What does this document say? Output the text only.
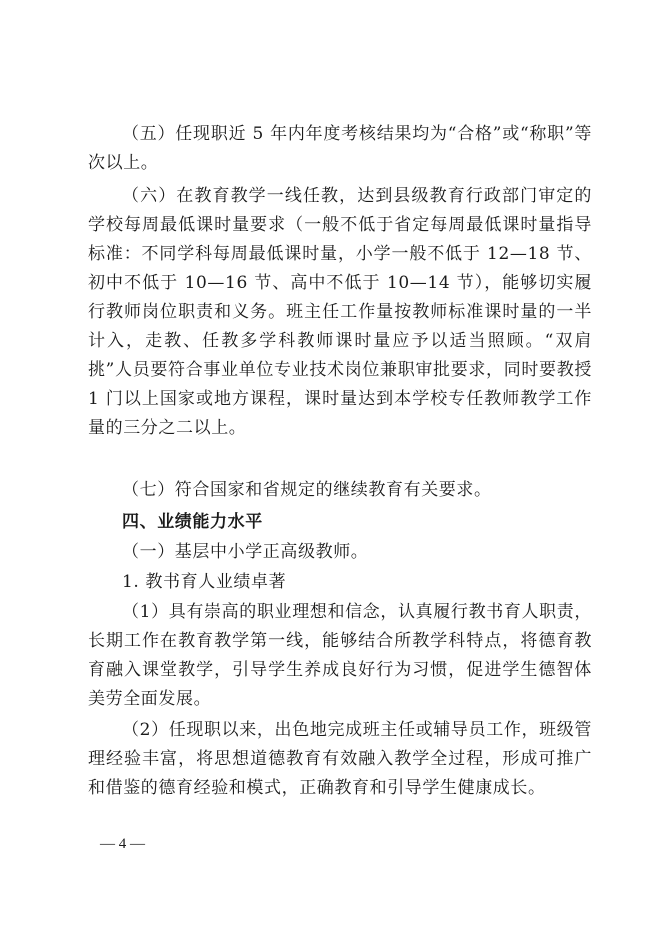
（五）任现职近 5 年内年度考核结果均为“合格”或“称职”等次以上。

（六）在教育教学一线任教，达到县级教育行政部门审定的学校每周最低课时量要求（一般不低于省定每周最低课时量指导标准：不同学科每周最低课时量，小学一般不低于 12—18 节、初中不低于 10—16 节、高中不低于 10—14 节），能够切实履行教师岗位职责和义务。班主任工作量按教师标准课时量的一半计入，走教、任教多学科教师课时量应予以适当照顾。“双肩挑”人员要符合事业单位专业技术岗位兼职审批要求，同时要教授 1 门以上国家或地方课程，课时量达到本学校专任教师教学工作量的三分之二以上。

（七）符合国家和省规定的继续教育有关要求。

四、业绩能力水平

（一）基层中小学正高级教师。

1. 教书育人业绩卓著

（1）具有崇高的职业理想和信念，认真履行教书育人职责，长期工作在教育教学第一线，能够结合所教学科特点，将德育教育融入课堂教学，引导学生养成良好行为习惯，促进学生德智体美劳全面发展。

（2）任现职以来，出色地完成班主任或辅导员工作，班级管理经验丰富，将思想道德教育有效融入教学全过程，形成可推广和借鉴的德育经验和模式，正确教育和引导学生健康成长。

— 4 —
